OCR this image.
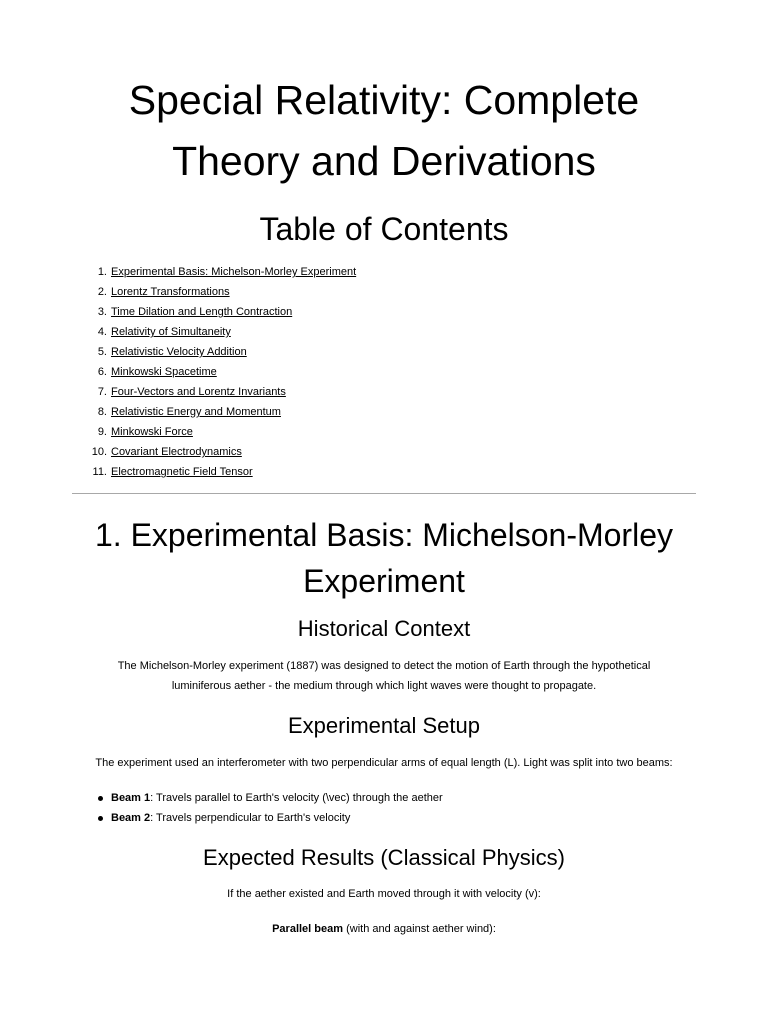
Special Relativity: Complete Theory and Derivations
Table of Contents
1. Experimental Basis: Michelson-Morley Experiment
2. Lorentz Transformations
3. Time Dilation and Length Contraction
4. Relativity of Simultaneity
5. Relativistic Velocity Addition
6. Minkowski Spacetime
7. Four-Vectors and Lorentz Invariants
8. Relativistic Energy and Momentum
9. Minkowski Force
10. Covariant Electrodynamics
11. Electromagnetic Field Tensor
1. Experimental Basis: Michelson-Morley Experiment
Historical Context

The Michelson-Morley experiment (1887) was designed to detect the motion of Earth through the hypothetical luminiferous aether - the medium through which light waves were thought to propagate.

Experimental Setup

The experiment used an interferometer with two perpendicular arms of equal length (L). Light was split into two beams:

Beam 1: Travels parallel to Earth's velocity (\vec) through the aether
Beam 2: Travels perpendicular to Earth's velocity
Expected Results (Classical Physics)

If the aether existed and Earth moved through it with velocity (v):

Parallel beam (with and against aether wind):
